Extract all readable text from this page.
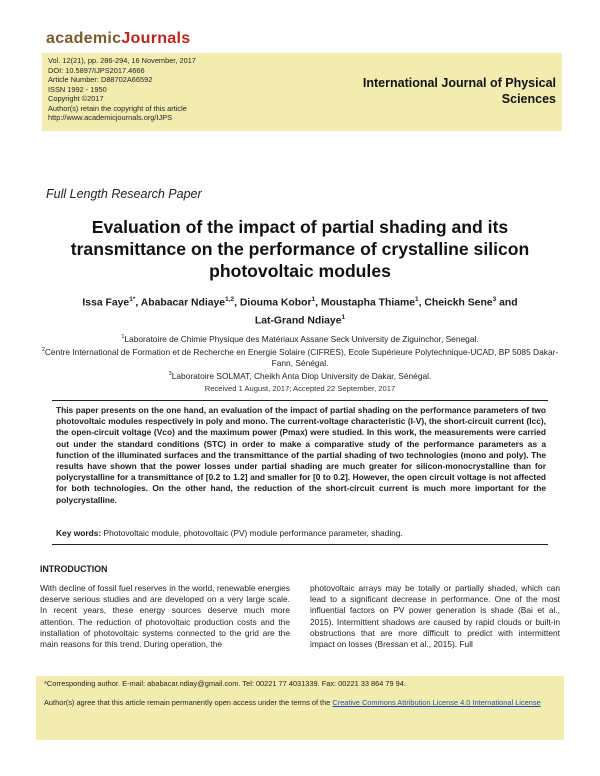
academicJournals
Vol. 12(21), pp. 286-294, 16 November, 2017
DOI: 10.5897/IJPS2017.4666
Article Number: D88702A66592
ISSN 1992 - 1950
Copyright ©2017
Author(s) retain the copyright of this article
http://www.academicjournals.org/IJPS
International Journal of Physical
Sciences
Full Length Research Paper
Evaluation of the impact of partial shading and its transmittance on the performance of crystalline silicon photovoltaic modules
Issa Faye$^{1*}$, Ababacar Ndiaye$^{1,2}$, Diouma Kobor$^1$, Moustapha Thiame$^1$, Cheickh Sene$^3$ and
Lat-Grand Ndiaye$^1$
$^1$Laboratoire de Chimie Physique des Matériaux Assane Seck University de Ziguinchor, Senegal.
$^2$Centre International de Formation et de Recherche en Energie Solaire (CIFRES), Ecole Supérieure Polytechnique-UCAD, BP 5085 Dakar-Fann, Sénégal.
$^3$Laboratoire SOLMAT, Cheikh Anta Diop University de Dakar, Sénégal.
Received 1 August, 2017; Accepted 22 September, 2017
This paper presents on the one hand, an evaluation of the impact of partial shading on the performance parameters of two photovoltaic modules respectively in poly and mono. The current-voltage characteristic (I-V), the short-circuit current (Icc), the open-circuit voltage (Vco) and the maximum power (Pmax) were studied. In this work, the measurements were carried out under the standard conditions (STC) in order to make a comparative study of the performance parameters as a function of the illuminated surfaces and the transmittance of the partial shading of two technologies (mono and poly). The results have shown that the power losses under partial shading are much greater for silicon-monocrystalline than for polycrystalline for a transmittance of [0.2 to 1.2] and smaller for [0 to 0.2]. However, the open circuit voltage is not affected for both technologies. On the other hand, the reduction of the short-circuit current is much more important for the polycrystalline.
Key words: Photovoltaic module, photovoltaic (PV) module performance parameter, shading.
INTRODUCTION
With decline of fossil fuel reserves in the world, renewable energies deserve serious studies and are developed on a very large scale. In recent years, these energy sources deserve much more attention. The reduction of photovoltaic production costs and the installation of photovoltaic systems connected to the grid are the main reasons for this trend. During operation, the
photovoltaic arrays may be totally or partially shaded, which can lead to a significant decrease in performance. One of the most influential factors on PV power generation is shade (Bai et al., 2015). Intermittent shadows are caused by rapid clouds or built-in obstructions that are more difficult to predict with intermittent impact on losses (Bressan et al., 2015). Full
*Corresponding author. E-mail: ababacar.ndiay@gmail.com. Tel: 00221 77 4031339. Fax: 00221 33 864 79 94.
Author(s) agree that this article remain permanently open access under the terms of the Creative Commons Attribution License 4.0 International License
